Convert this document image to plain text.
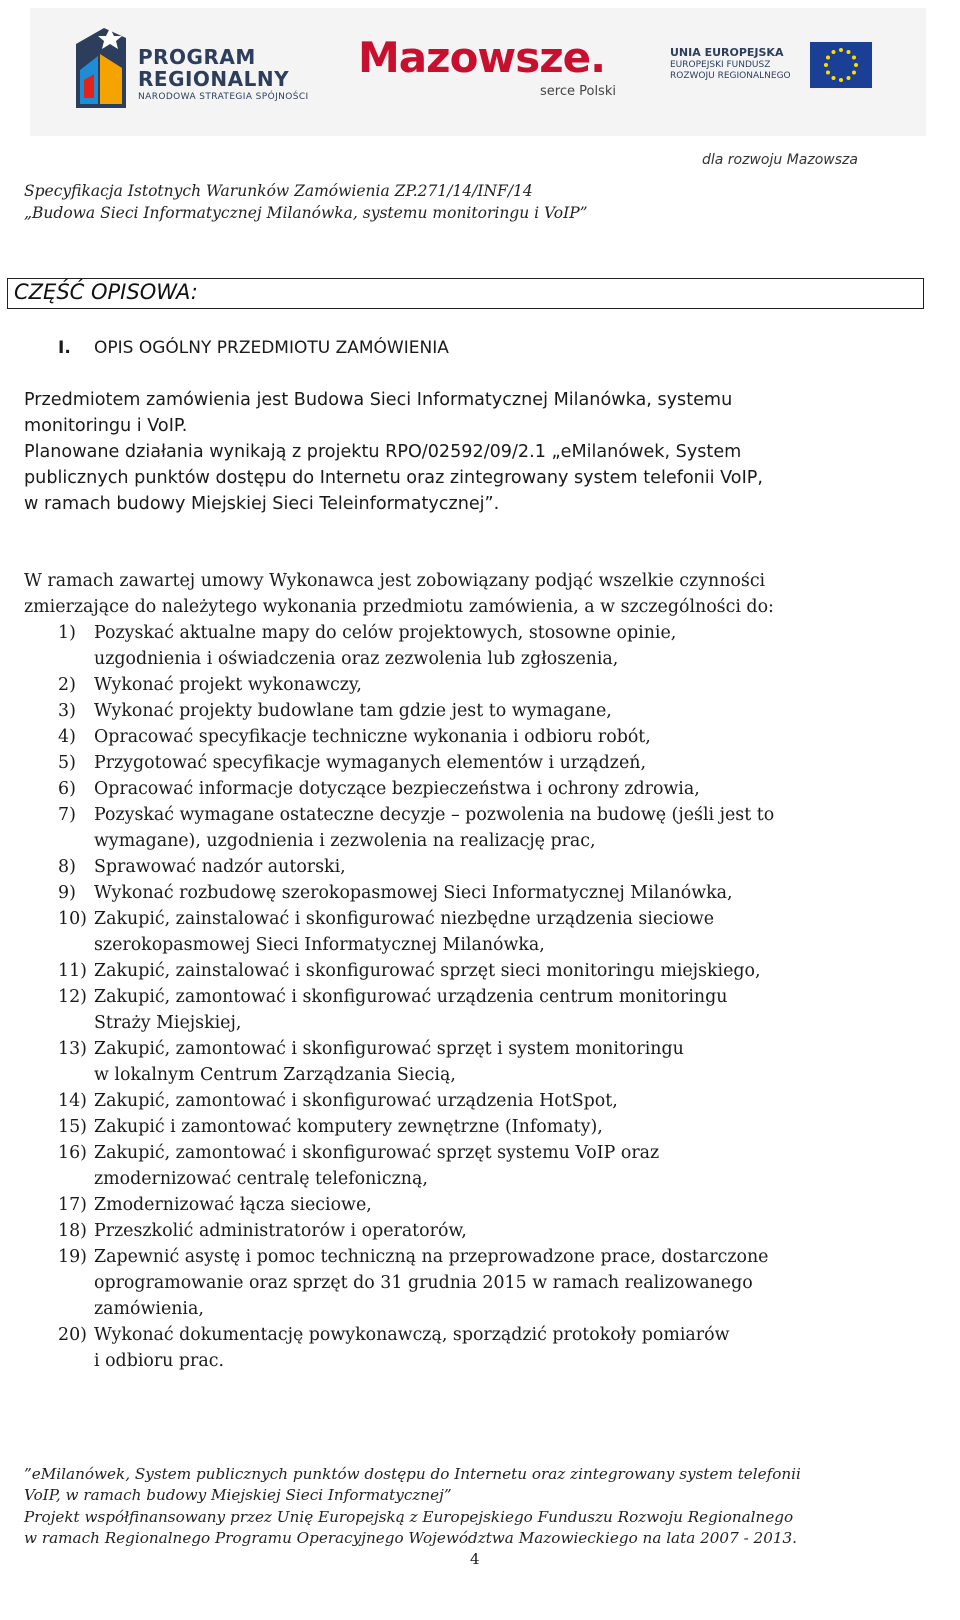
PROGRAM
REGIONALNY
NARODOWA STRATEGIA SPÓJNOŚCI
Mazowsze.
serce Polski
UNIA EUROPEJSKA
EUROPEJSKI FUNDUSZ
ROZWOJU REGIONALNEGO
dla rozwoju Mazowsza
Specyfikacja Istotnych Warunków Zamówienia ZP.271/14/INF/14
„Budowa Sieci Informatycznej Milanówka, systemu monitoringu i VoIP”
CZĘŚĆ OPISOWA:
I. OPIS OGÓLNY PRZEDMIOTU ZAMÓWIENIA
Przedmiotem zamówienia jest Budowa Sieci Informatycznej Milanówka, systemu
monitoringu i VoIP.
Planowane działania wynikają z projektu RPO/02592/09/2.1 „eMilanówek, System
publicznych punktów dostępu do Internetu oraz zintegrowany system telefonii VoIP,
w ramach budowy Miejskiej Sieci Teleinformatycznej”.
W ramach zawartej umowy Wykonawca jest zobowiązany podjąć wszelkie czynności
zmierzające do należytego wykonania przedmiotu zamówienia, a w szczególności do:
1) Pozyskać aktualne mapy do celów projektowych, stosowne opinie,
uzgodnienia i oświadczenia oraz zezwolenia lub zgłoszenia,
2) Wykonać projekt wykonawczy,
3) Wykonać projekty budowlane tam gdzie jest to wymagane,
4) Opracować specyfikacje techniczne wykonania i odbioru robót,
5) Przygotować specyfikacje wymaganych elementów i urządzeń,
6) Opracować informacje dotyczące bezpieczeństwa i ochrony zdrowia,
7) Pozyskać wymagane ostateczne decyzje – pozwolenia na budowę (jeśli jest to
wymagane), uzgodnienia i zezwolenia na realizację prac,
8) Sprawować nadzór autorski,
9) Wykonać rozbudowę szerokopasmowej Sieci Informatycznej Milanówka,
10) Zakupić, zainstalować i skonfigurować niezbędne urządzenia sieciowe
szerokopasmowej Sieci Informatycznej Milanówka,
11) Zakupić, zainstalować i skonfigurować sprzęt sieci monitoringu miejskiego,
12) Zakupić, zamontować i skonfigurować urządzenia centrum monitoringu
Straży Miejskiej,
13) Zakupić, zamontować i skonfigurować sprzęt i system monitoringu
w lokalnym Centrum Zarządzania Siecią,
14) Zakupić, zamontować i skonfigurować urządzenia HotSpot,
15) Zakupić i zamontować komputery zewnętrzne (Infomaty),
16) Zakupić, zamontować i skonfigurować sprzęt systemu VoIP oraz
zmodernizować centralę telefoniczną,
17) Zmodernizować łącza sieciowe,
18) Przeszkolić administratorów i operatorów,
19) Zapewnić asystę i pomoc techniczną na przeprowadzone prace, dostarczone
oprogramowanie oraz sprzęt do 31 grudnia 2015 w ramach realizowanego
zamówienia,
20) Wykonać dokumentację powykonawczą, sporządzić protokoły pomiarów
i odbioru prac.
”eMilanówek, System publicznych punktów dostępu do Internetu oraz zintegrowany system telefonii
VoIP, w ramach budowy Miejskiej Sieci Informatycznej”
Projekt współfinansowany przez Unię Europejską z Europejskiego Funduszu Rozwoju Regionalnego
w ramach Regionalnego Programu Operacyjnego Województwa Mazowieckiego na lata 2007 - 2013.
4
